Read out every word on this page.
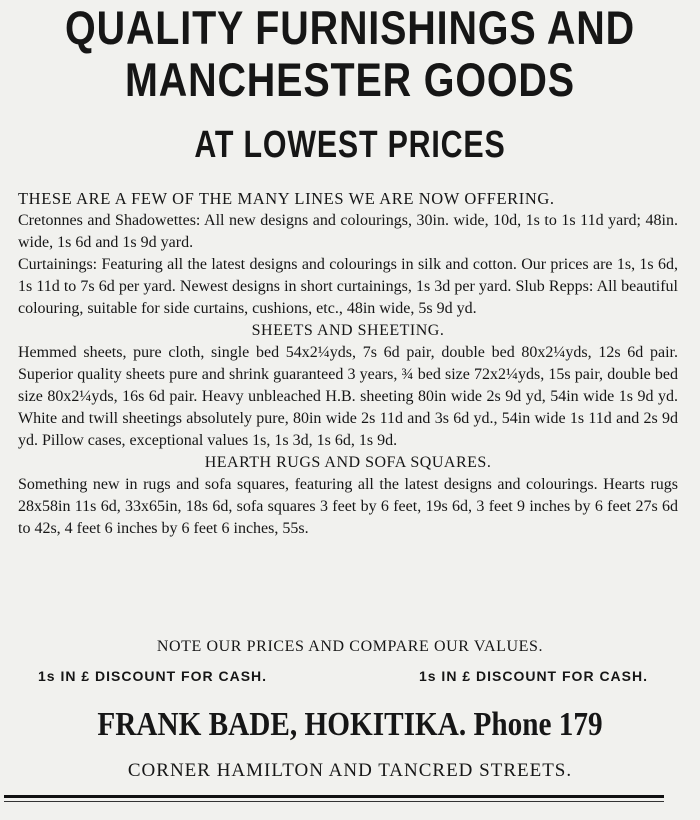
QUALITY FURNISHINGS AND
MANCHESTER GOODS
AT LOWEST PRICES

THESE ARE A FEW OF THE MANY LINES WE ARE NOW OFFERING.

Cretonnes and Shadowettes: All new designs and colourings, 30in. wide, 10d, 1s to 1s 11d yard; 48in. wide, 1s 6d and 1s 9d yard.

Curtainings: Featuring all the latest designs and colourings in silk and cotton. Our prices are 1s, 1s 6d, 1s 11d to 7s 6d per yard. Newest designs in short curtainings, 1s 3d per yard. Slub Repps: All beautiful colouring, suitable for side curtains, cushions, etc., 48in wide, 5s 9d yd.

SHEETS AND SHEETING.

Hemmed sheets, pure cloth, single bed 54x2¼yds, 7s 6d pair, double bed 80x2¼yds, 12s 6d pair. Superior quality sheets pure and shrink guaranteed 3 years, ¾ bed size 72x2¼yds, 15s pair, double bed size 80x2¼yds, 16s 6d pair. Heavy unbleached H.B. sheeting 80in wide 2s 9d yd, 54in wide 1s 9d yd. White and twill sheetings absolutely pure, 80in wide 2s 11d and 3s 6d yd., 54in wide 1s 11d and 2s 9d yd. Pillow cases, exceptional values 1s, 1s 3d, 1s 6d, 1s 9d.

HEARTH RUGS AND SOFA SQUARES.

Something new in rugs and sofa squares, featuring all the latest designs and colourings. Hearts rugs 28x58in 11s 6d, 33x65in, 18s 6d, sofa squares 3 feet by 6 feet, 19s 6d, 3 feet 9 inches by 6 feet 27s 6d to 42s, 4 feet 6 inches by 6 feet 6 inches, 55s.

NOTE OUR PRICES AND COMPARE OUR VALUES.
1s IN £ DISCOUNT FOR CASH.	1s IN £ DISCOUNT FOR CASH.
FRANK BADE, HOKITIKA. Phone 179
CORNER HAMILTON AND TANCRED STREETS.
